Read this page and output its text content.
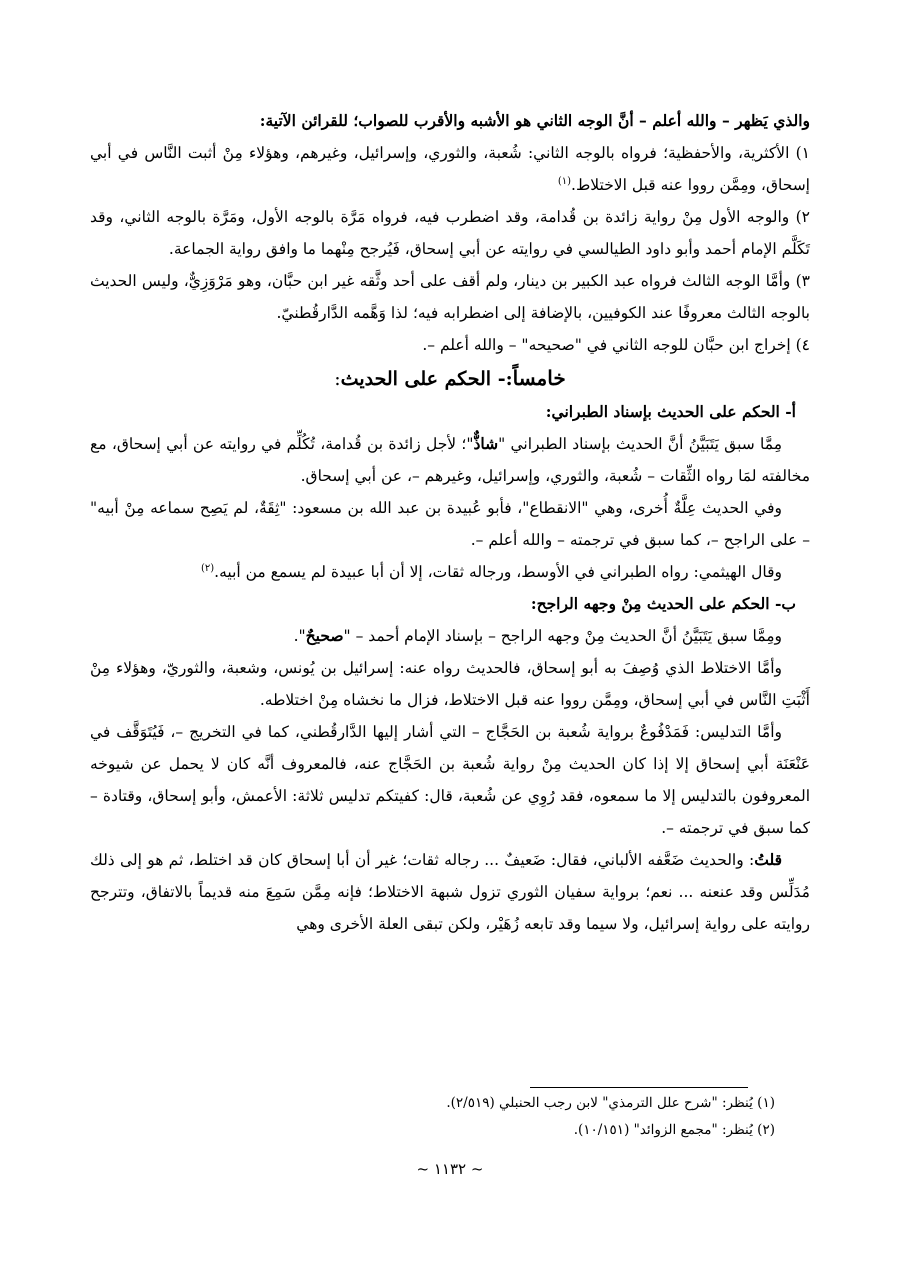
والذي يَظهر – والله أعلم – أنَّ الوجه الثاني هو الأشبه والأقرب للصواب؛ للقرائن الآتية:

١) الأكثرية، والأحفظية؛ فرواه بالوجه الثاني: شُعبة، والثوري، وإسرائيل، وغيرهم، وهؤلاء مِنْ أثبت النَّاس في أبي إسحاق، ومِمَّن رووا عنه قبل الاختلاط.$^{(١)}$

٢) والوجه الأول مِنْ رواية زائدة بن قُدامة، وقد اضطرب فيه، فرواه مَرَّة بالوجه الأول، ومَرَّة بالوجه الثاني، وقد تَكَلَّم الإمام أحمد وأبو داود الطيالسي في روايته عن أبي إسحاق، فَيُرجح مِنْهما ما وافق رواية الجماعة.

٣) وأمَّا الوجه الثالث فرواه عبد الكبير بن دينار، ولم أقف على أحد وثَّقه غير ابن حبَّان، وهو مَرْوَزِيٌّ، وليس الحديث بالوجه الثالث معروفًا عند الكوفيين، بالإضافة إلى اضطرابه فيه؛ لذا وَهَّمه الدَّارقُطنيّ.

٤) إخراج ابن حبَّان للوجه الثاني في "صحيحه" – والله أعلم –.

خامساً:- الحكم على الحديث:

أ- الحكم على الحديث بإسناد الطبراني:

مِمَّا سبق يَتَبَيَّنُ أنَّ الحديث بإسناد الطبراني "شاذٌّ"؛ لأجل زائدة بن قُدامة، تُكُلِّم في روايته عن أبي إسحاق، مع مخالفته لمَا رواه الثِّقات – شُعبة، والثوري، وإسرائيل، وغيرهم –، عن أبي إسحاق.

وفي الحديث عِلَّةٌ أُخرى، وهي "الانقطاع"، فأبو عُبيدة بن عبد الله بن مسعود: "ثِقَةٌ، لم يَصِح سماعه مِنْ أبيه" – على الراجح –، كما سبق في ترجمته – والله أعلم –.

وقال الهيثمي: رواه الطبراني في الأوسط، ورجاله ثقات، إلا أن أبا عبيدة لم يسمع من أبيه.$^{(٢)}$

ب- الحكم على الحديث مِنْ وجهه الراجح:

ومِمَّا سبق يَتَبَيَّنُ أنَّ الحديث مِنْ وجهه الراجح – بإسناد الإمام أحمد – "صحيحٌ".

وأمَّا الاختلاط الذي وُصِفَ به أبو إسحاق، فالحديث رواه عنه: إسرائيل بن يُونس، وشعبة، والثوريّ، وهؤلاء مِنْ أَثْبَتِ النَّاس في أبي إسحاق، ومِمَّن رووا عنه قبل الاختلاط، فزال ما نخشاه مِنْ اختلاطه.

وأمَّا التدليس: فَمَدْفُوعٌ برواية شُعبة بن الحَجَّاج – التي أشار إليها الدَّارقُطني، كما في التخريج –، فَيُتَوَقَّف في عَنْعَنَة أبي إسحاق إلا إذا كان الحديث مِنْ رواية شُعبة بن الحَجَّاج عنه، فالمعروف أنَّه كان لا يحمل عن شيوخه المعروفون بالتدليس إلا ما سمعوه، فقد رُوِي عن شُعبة، قال: كفيتكم تدليس ثلاثة: الأعمش، وأبو إسحاق، وقتادة – كما سبق في ترجمته –.

قلتُ: والحديث ضَعَّفه الألباني، فقال: ضَعيفٌ ... رجاله ثقات؛ غير أن أبا إسحاق كان قد اختلط، ثم هو إلى ذلك مُدَلِّس وقد عنعنه ... نعم؛ برواية سفيان الثوري تزول شبهة الاختلاط؛ فإنه مِمَّن سَمِعَ منه قديماً بالاتفاق، وتترجح روايته على رواية إسرائيل، ولا سيما وقد تابعه زُهَيْر، ولكن تبقى العلة الأخرى وهي

(١) يُنظر: "شرح علل الترمذي" لابن رجب الحنبلي (٢/٥١٩).
(٢) يُنظر: "مجمع الزوائد" (١٠/١٥١).
~ ١١٣٢ ~
